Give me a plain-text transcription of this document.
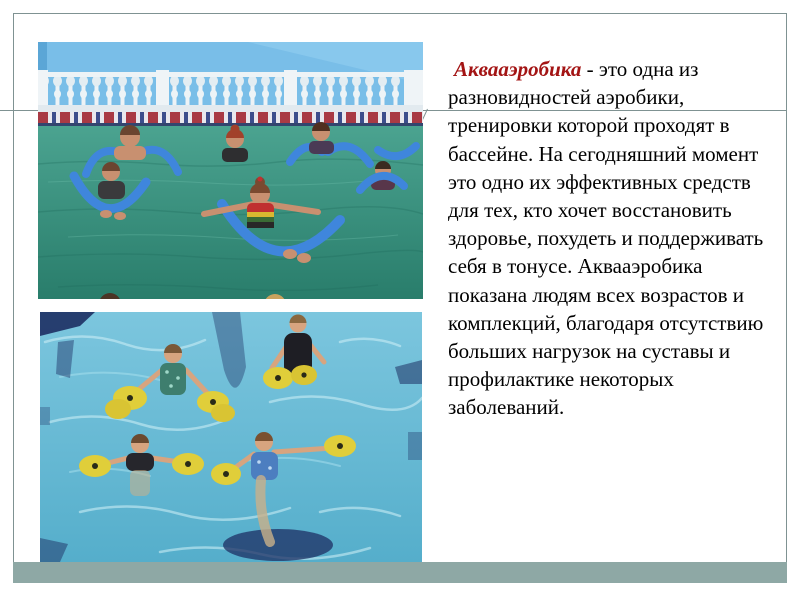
Аквааэробика - это одна из разновидностей аэробики, тренировки которой проходят в бассейне. На сегодняшний момент это одно их эффективных средств для тех, кто хочет восстановить здоровье, похудеть и поддерживать себя в тонусе. Аквааэробика показана людям всех возрастов и комплекций, благодаря отсутствию больших нагрузок на суставы и профилактике некоторых заболеваний.
